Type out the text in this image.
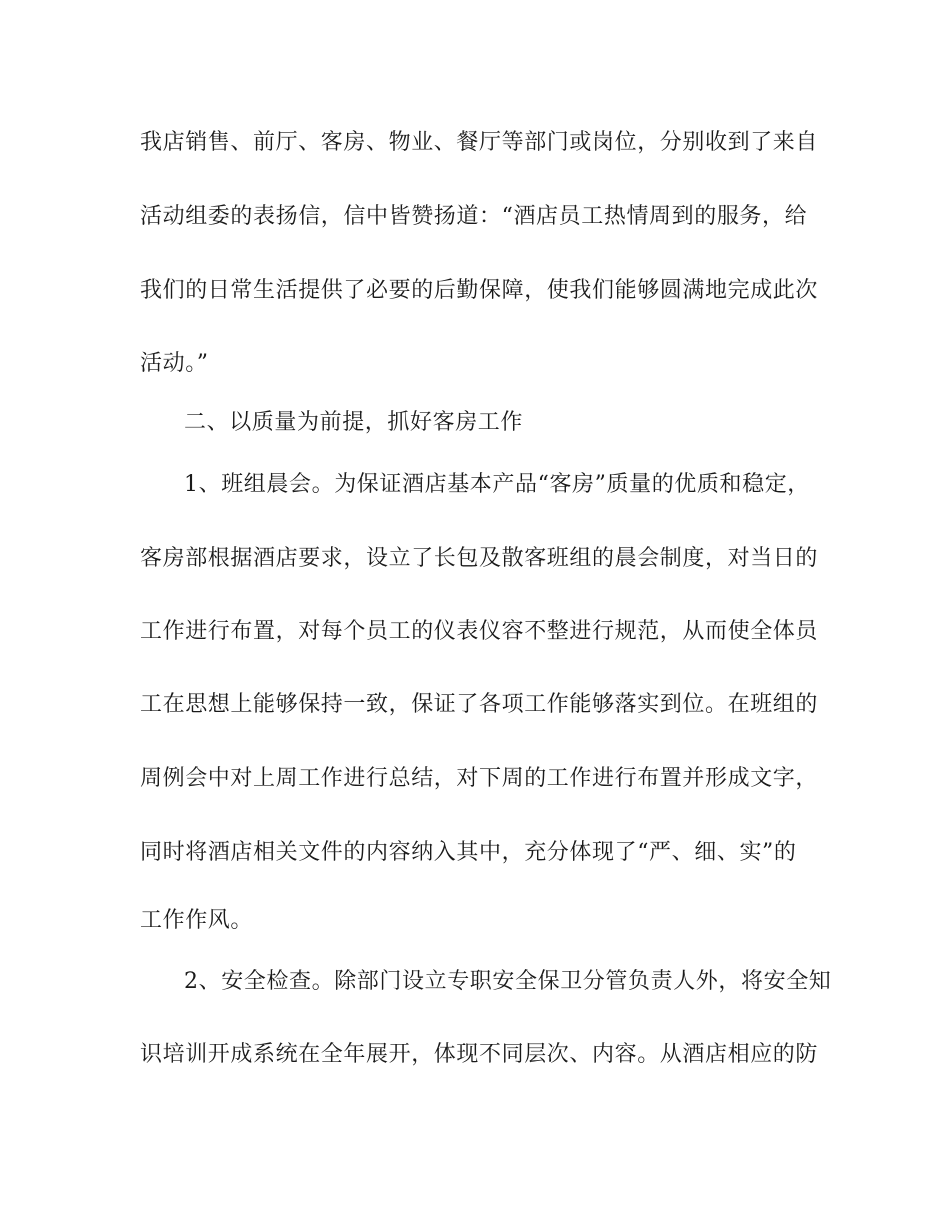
我店销售、前厅、客房、物业、餐厅等部门或岗位，分别收到了来自
活动组委的表扬信，信中皆赞扬道：“酒店员工热情周到的服务，给
我们的日常生活提供了必要的后勤保障，使我们能够圆满地完成此次
活动。”
二、以质量为前提，抓好客房工作
1、班组晨会。为保证酒店基本产品“客房”质量的优质和稳定，
客房部根据酒店要求，设立了长包及散客班组的晨会制度，对当日的
工作进行布置，对每个员工的仪表仪容不整进行规范，从而使全体员
工在思想上能够保持一致，保证了各项工作能够落实到位。在班组的
周例会中对上周工作进行总结，对下周的工作进行布置并形成文字，
同时将酒店相关文件的内容纳入其中，充分体现了“严、细、实”的
工作作风。
2、安全检查。除部门设立专职安全保卫分管负责人外，将安全知
识培训开成系统在全年展开，体现不同层次、内容。从酒店相应的防
